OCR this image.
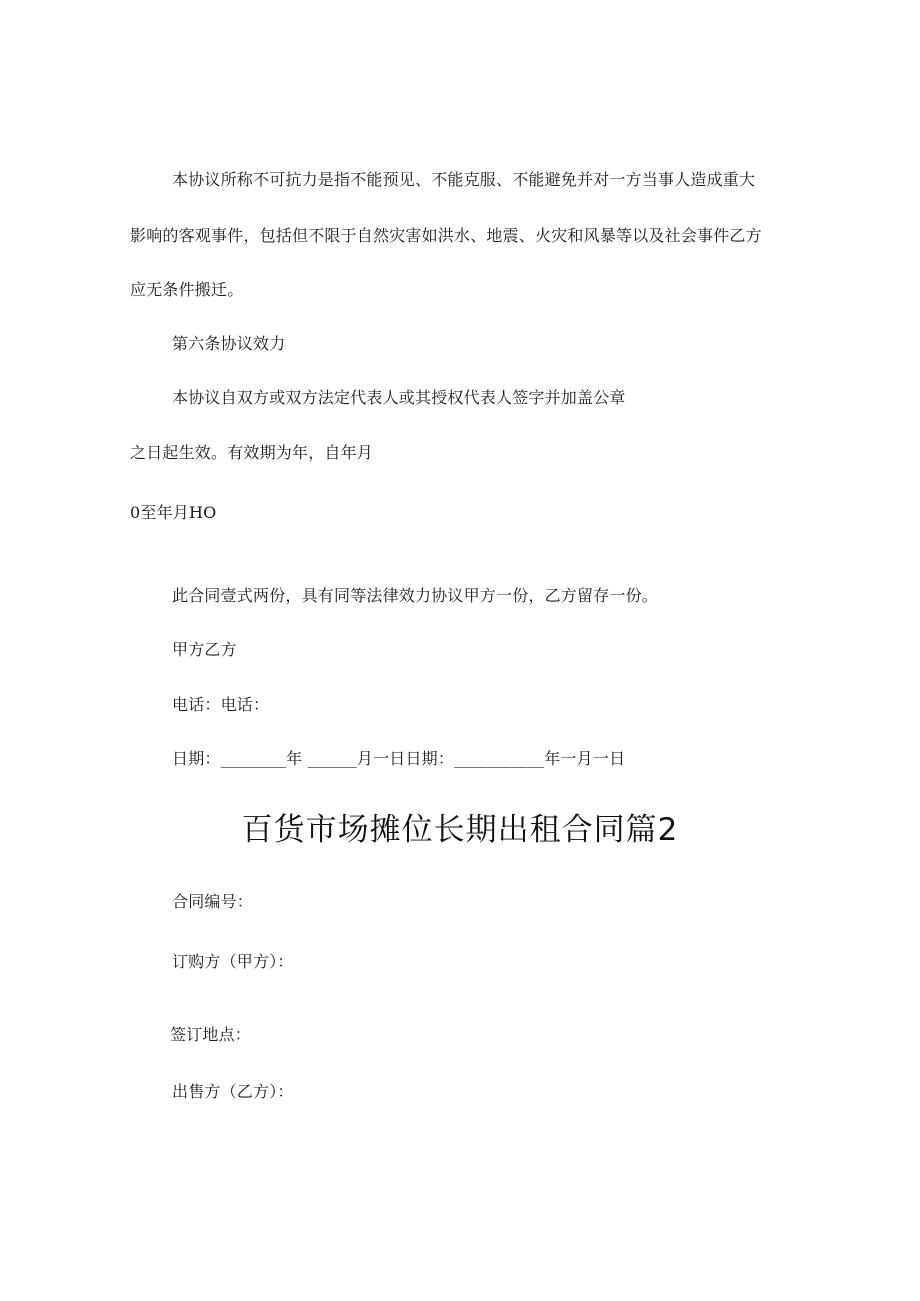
本协议所称不可抗力是指不能预见、不能克服、不能避免并对一方当事人造成重大
影响的客观事件，包括但不限于自然灾害如洪水、地震、火灾和风暴等以及社会事件乙方
应无条件搬迁。
第六条协议效力
本协议自双方或双方法定代表人或其授权代表人签字并加盖公章
之日起生效。有效期为年，自年月
0至年月HO
此合同壹式两份，具有同等法律效力协议甲方一份，乙方留存一份。
甲方乙方
电话：电话：
日期：________年 ______月一日日期：___________年一月一日
百货市场摊位长期出租合同篇2
合同编号：
订购方（甲方）：
签订地点：
出售方（乙方）：
